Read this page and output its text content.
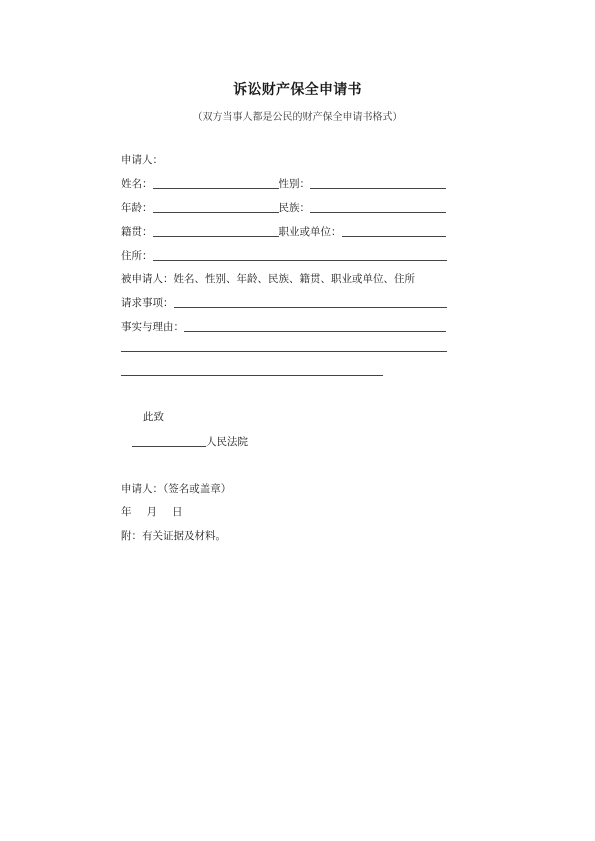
诉讼财产保全申请书
（双方当事人都是公民的财产保全申请书格式）
申请人：
姓名：	性别：
年龄：	民族：
籍贯：	职业或单位：
住所：
被申请人：姓名、性别、年龄、民族、籍贯、职业或单位、住所
请求事项：
事实与理由：
此致
人民法院
申请人：（签名或盖章）
年 月 日
附：有关证据及材料。
